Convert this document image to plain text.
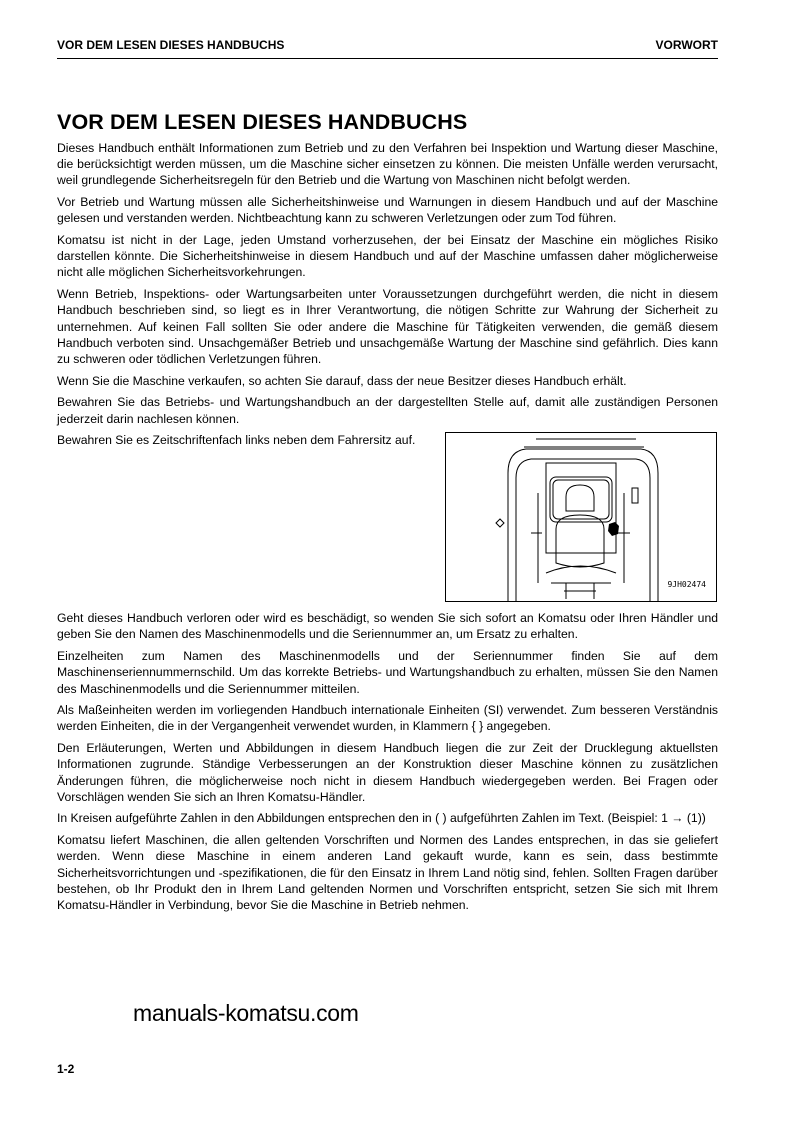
VOR DEM LESEN DIESES HANDBUCHS	VORWORT
VOR DEM LESEN DIESES HANDBUCHS

Dieses Handbuch enthält Informationen zum Betrieb und zu den Verfahren bei Inspektion und Wartung dieser Maschine, die berücksichtigt werden müssen, um die Maschine sicher einsetzen zu können. Die meisten Unfälle werden verursacht, weil grundlegende Sicherheitsregeln für den Betrieb und die Wartung von Maschinen nicht befolgt werden.

Vor Betrieb und Wartung müssen alle Sicherheitshinweise und Warnungen in diesem Handbuch und auf der Maschine gelesen und verstanden werden. Nichtbeachtung kann zu schweren Verletzungen oder zum Tod führen.

Komatsu ist nicht in der Lage, jeden Umstand vorherzusehen, der bei Einsatz der Maschine ein mögliches Risiko darstellen könnte. Die Sicherheitshinweise in diesem Handbuch und auf der Maschine umfassen daher möglicherweise nicht alle möglichen Sicherheitsvorkehrungen.

Wenn Betrieb, Inspektions- oder Wartungsarbeiten unter Voraussetzungen durchgeführt werden, die nicht in diesem Handbuch beschrieben sind, so liegt es in Ihrer Verantwortung, die nötigen Schritte zur Wahrung der Sicherheit zu unternehmen. Auf keinen Fall sollten Sie oder andere die Maschine für Tätigkeiten verwenden, die gemäß diesem Handbuch verboten sind. Unsachgemäßer Betrieb und unsachgemäße Wartung der Maschine sind gefährlich. Dies kann zu schweren oder tödlichen Verletzungen führen.

Wenn Sie die Maschine verkaufen, so achten Sie darauf, dass der neue Besitzer dieses Handbuch erhält.

Bewahren Sie das Betriebs- und Wartungshandbuch an der dargestellten Stelle auf, damit alle zuständigen Personen jederzeit darin nachlesen können.

Bewahren Sie es Zeitschriftenfach links neben dem Fahrersitz auf.

9JH02474

Geht dieses Handbuch verloren oder wird es beschädigt, so wenden Sie sich sofort an Komatsu oder Ihren Händler und geben Sie den Namen des Maschinenmodells und die Seriennummer an, um Ersatz zu erhalten.

Einzelheiten zum Namen des Maschinenmodells und der Seriennummer finden Sie auf dem Maschinenseriennummernschild. Um das korrekte Betriebs- und Wartungshandbuch zu erhalten, müssen Sie den Namen des Maschinenmodells und die Seriennummer mitteilen.

Als Maßeinheiten werden im vorliegenden Handbuch internationale Einheiten (SI) verwendet. Zum besseren Verständnis werden Einheiten, die in der Vergangenheit verwendet wurden, in Klammern { } angegeben.

Den Erläuterungen, Werten und Abbildungen in diesem Handbuch liegen die zur Zeit der Drucklegung aktuellsten Informationen zugrunde. Ständige Verbesserungen an der Konstruktion dieser Maschine können zu zusätzlichen Änderungen führen, die möglicherweise noch nicht in diesem Handbuch wiedergegeben werden. Bei Fragen oder Vorschlägen wenden Sie sich an Ihren Komatsu-Händler.

In Kreisen aufgeführte Zahlen in den Abbildungen entsprechen den in ( ) aufgeführten Zahlen im Text. (Beispiel: 1 → (1))

Komatsu liefert Maschinen, die allen geltenden Vorschriften und Normen des Landes entsprechen, in das sie geliefert werden. Wenn diese Maschine in einem anderen Land gekauft wurde, kann es sein, dass bestimmte Sicherheitsvorrichtungen und -spezifikationen, die für den Einsatz in Ihrem Land nötig sind, fehlen. Sollten Fragen darüber bestehen, ob Ihr Produkt den in Ihrem Land geltenden Normen und Vorschriften entspricht, setzen Sie sich mit Ihrem Komatsu-Händler in Verbindung, bevor Sie die Maschine in Betrieb nehmen.

manuals-komatsu.com
1-2
